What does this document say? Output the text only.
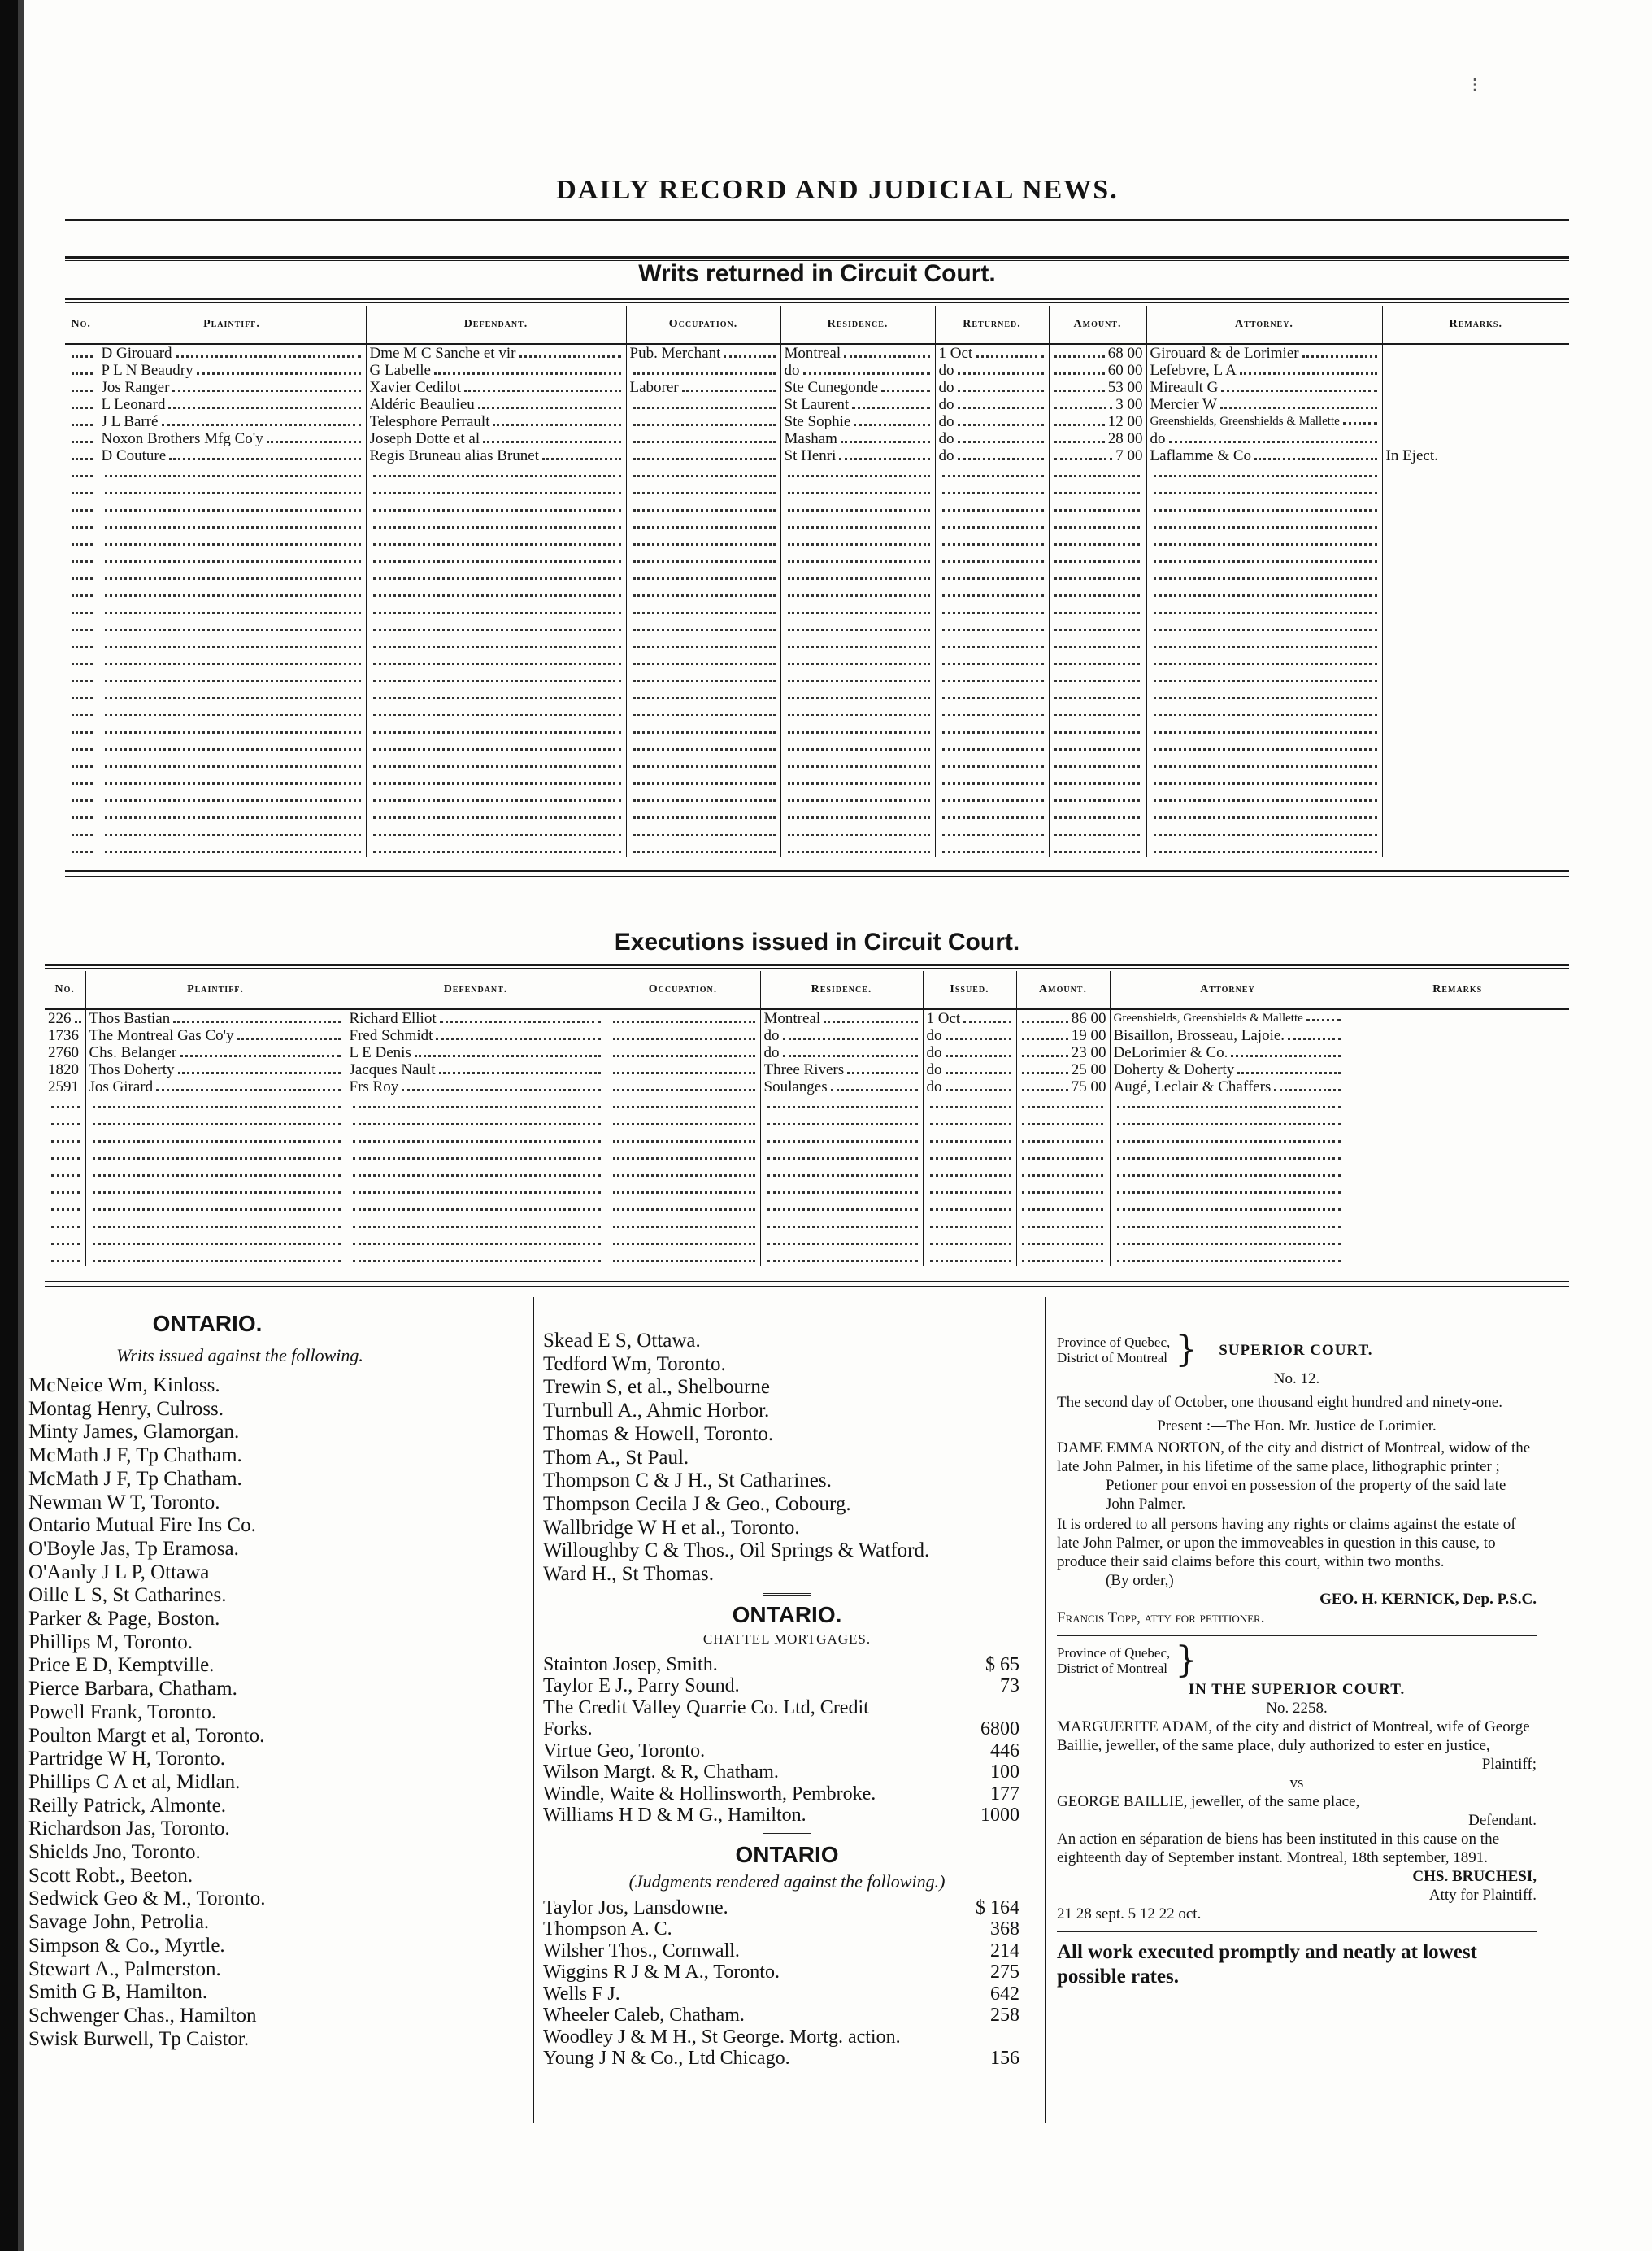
⁝
DAILY RECORD AND JUDICIAL NEWS.
Writs returned in Circuit Court.
No.	Plaintiff.	Defendant.	Occupation.	Residence.	Returned.	Amount.	Attorney.	Remarks.

	D Girouard	Dme M C Sanche et vir	Pub. Merchant	Montreal	1 Oct	68 00	Girouard & de Lorimier	

	P L N Beaudry	G Labelle		do	do	60 00	Lefebvre, L A	

	Jos Ranger	Xavier Cedilot	Laborer	Ste Cunegonde	do	53 00	Mireault G	

	L Leonard	Aldéric Beaulieu		St Laurent	do	3 00	Mercier W	

	J L Barré	Telesphore Perrault		Ste Sophie	do	12 00	Greenshields, Greenshields & Mallette	

	Noxon Brothers Mfg Co'y	Joseph Dotte et al		Masham	do	28 00	do	

	D Couture	Regis Bruneau alias Brunet		St Henri	do	7 00	Laflamme & Co	In Eject.

Executions issued in Circuit Court.
No.	Plaintiff.	Defendant.	Occupation.	Residence.	Issued.	Amount.	Attorney	Remarks

226	Thos Bastian	Richard Elliot		Montreal	1 Oct	86 00	Greenshields, Greenshields & Mallette	

1736	The Montreal Gas Co'y	Fred Schmidt		do	do	19 00	Bisaillon, Brosseau, Lajoie.	

2760	Chs. Belanger	L E Denis		do	do	23 00	DeLorimier & Co.	

1820	Thos Doherty	Jacques Nault		Three Rivers	do	25 00	Doherty & Doherty	

2591	Jos Girard	Frs Roy		Soulanges	do	75 00	Augé, Leclair & Chaffers	

ONTARIO.
Writs issued against the following.
McNeice Wm, Kinloss.
Montag Henry, Culross.
Minty James, Glamorgan.
McMath J F, Tp Chatham.
McMath J F, Tp Chatham.
Newman W T, Toronto.
Ontario Mutual Fire Ins Co.
O'Boyle Jas, Tp Eramosa.
O'Aanly J L P, Ottawa
Oille L S, St Catharines.
Parker & Page, Boston.
Phillips M, Toronto.
Price E D, Kemptville.
Pierce Barbara, Chatham.
Powell Frank, Toronto.
Poulton Margt et al, Toronto.
Partridge W H, Toronto.
Phillips C A et al, Midlan.
Reilly Patrick, Almonte.
Richardson Jas, Toronto.
Shields Jno, Toronto.
Scott Robt., Beeton.
Sedwick Geo & M., Toronto.
Savage John, Petrolia.
Simpson & Co., Myrtle.
Stewart A., Palmerston.
Smith G B, Hamilton.
Schwenger Chas., Hamilton
Swisk Burwell, Tp Caistor.
Skead E S, Ottawa.
Tedford Wm, Toronto.
Trewin S, et al., Shelbourne
Turnbull A., Ahmic Horbor.
Thomas & Howell, Toronto.
Thom A., St Paul.
Thompson C & J H., St Catharines.
Thompson Cecila J & Geo., Cobourg.
Wallbridge W H et al., Toronto.
Willoughby C & Thos., Oil Springs & Watford.
Ward H., St Thomas.
ONTARIO.
CHATTEL MORTGAGES.
Stainton Josep, Smith.	$ 65
Taylor E J., Parry Sound.	73
The Credit Valley Quarrie Co. Ltd, Credit
Forks.	6800
Virtue Geo, Toronto.	446
Wilson Margt. & R, Chatham.	100
Windle, Waite & Hollinsworth, Pembroke.	177
Williams H D & M G., Hamilton.	1000
ONTARIO
(Judgments rendered against the following.)
Taylor Jos, Lansdowne.	$ 164
Thompson A. C.	368
Wilsher Thos., Cornwall.	214
Wiggins R J & M A., Toronto.	275
Wells F J.	642
Wheeler Caleb, Chatham.	258
Woodley J & M H., St George. Mortg. action.
Young J N & Co., Ltd Chicago.	156
Province of Quebec,
District of Montreal } SUPERIOR COURT.
No. 12.
The second day of October, one thousand eight hundred and ninety-one.
Present :—The Hon. Mr. Justice de Lorimier.
DAME EMMA NORTON, of the city and district of Montreal, widow of the late John Palmer, in his lifetime of the same place, lithographic printer ;
Petioner pour envoi en possession of the property of the said late John Palmer.
It is ordered to all persons having any rights or claims against the estate of late John Palmer, or upon the immoveables in question in this cause, to produce their said claims before this court, within two months.
(By order,)
GEO. H. KERNICK, Dep. P.S.C.
Francis Topp, atty for petitioner.
Province of Quebec,
District of Montreal }
IN THE SUPERIOR COURT.
No. 2258.
MARGUERITE ADAM, of the city and district of Montreal, wife of George Baillie, jeweller, of the same place, duly authorized to ester en justice,
Plaintiff;
vs
GEORGE BAILLIE, jeweller, of the same place,
Defendant.
An action en séparation de biens has been instituted in this cause on the eighteenth day of September instant. Montreal, 18th september, 1891.
CHS. BRUCHESI,
Atty for Plaintiff.
21 28 sept. 5 12 22 oct.
All work executed promptly and neatly at lowest possible rates.
